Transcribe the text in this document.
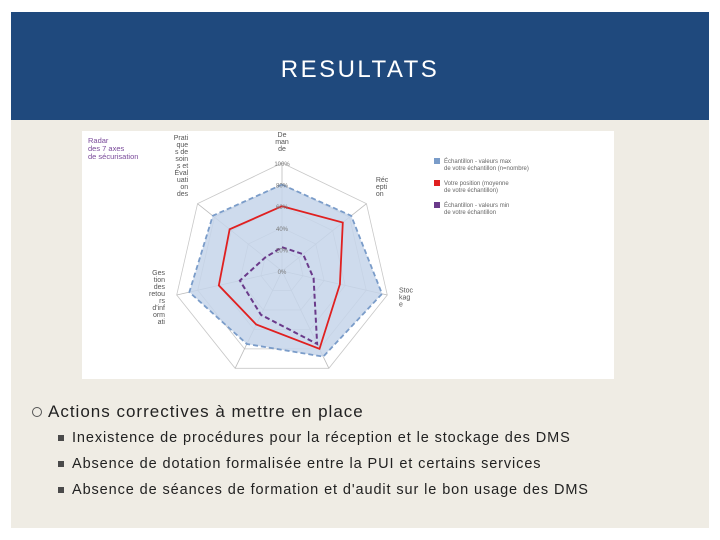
RESULTATS
Radar
des 7 axes
de sécurisation
0%
20%
40%
60%
80%
100%
De
man
de
Réc
epti
on
Stoc
kag
e
Ges
tion
des
retou
rs
d'inf
orm
ati
Prati
que
s de
soin
s et
Éval
uati
on
des
Échantillon - valeurs max
de votre échantillon (n=nombre)
Votre position (moyenne
de votre échantillon)
Échantillon - valeurs min
de votre échantillon
Actions correctives à mettre en place
Inexistence de procédures pour la réception et le stockage des DMS
Absence de dotation formalisée entre la PUI et certains services
Absence de séances de formation et d'audit sur le bon usage des DMS
